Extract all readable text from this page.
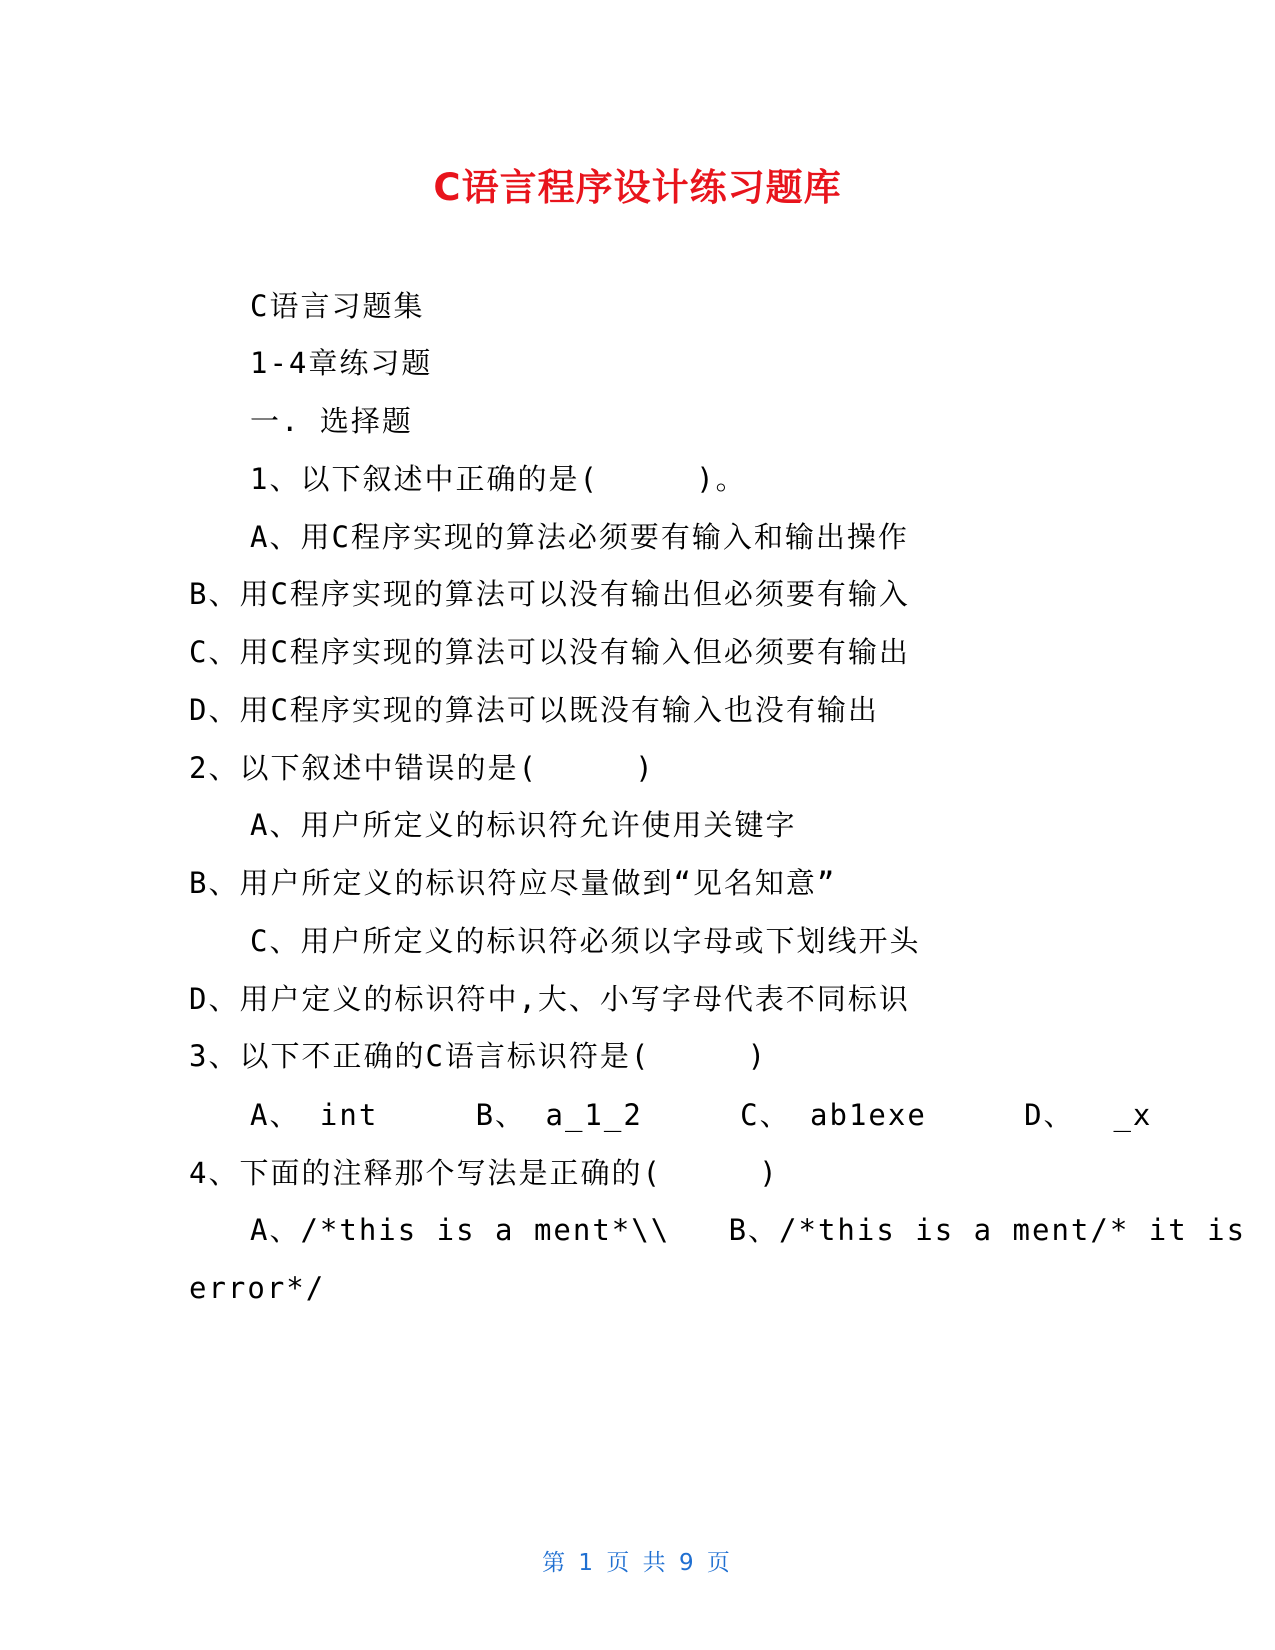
C语言程序设计练习题库
C语言习题集
1-4章练习题
一. 选择题
1、以下叙述中正确的是(     )。
A、用C程序实现的算法必须要有输入和输出操作
B、用C程序实现的算法可以没有输出但必须要有输入
C、用C程序实现的算法可以没有输入但必须要有输出
D、用C程序实现的算法可以既没有输入也没有输出
2、以下叙述中错误的是(     )
A、用户所定义的标识符允许使用关键字
B、用户所定义的标识符应尽量做到“见名知意”
C、用户所定义的标识符必须以字母或下划线开头
D、用户定义的标识符中,大、小写字母代表不同标识
3、以下不正确的C语言标识符是(     )
A、 int     B、 a_1_2     C、 ab1exe     D、  _x
4、下面的注释那个写法是正确的(     )
A、/*this is a ment*\\   B、/*this is a ment/* it is
error*/
第 1 页 共 9 页
